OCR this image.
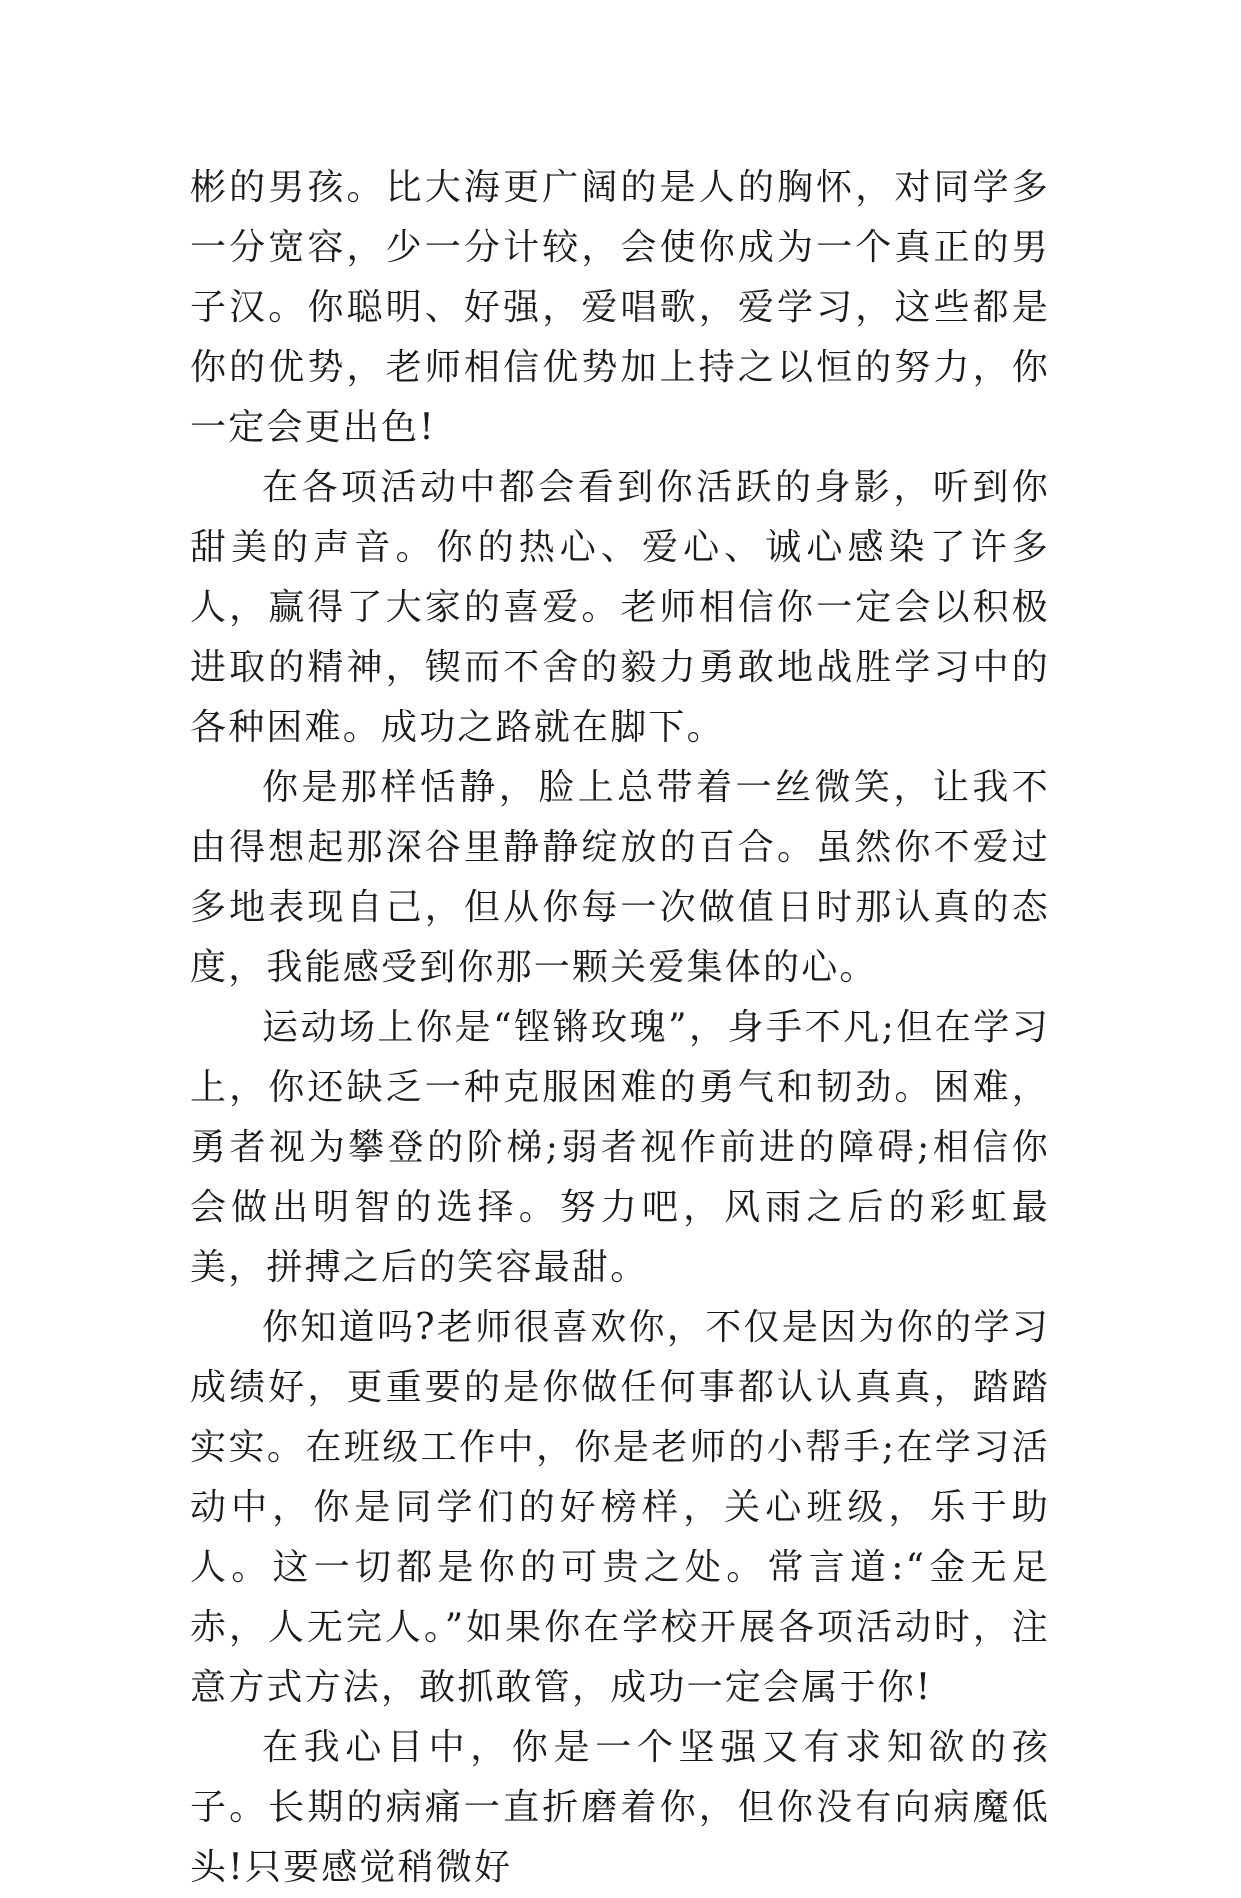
彬的男孩。比大海更广阔的是人的胸怀，对同学多一分宽容，少一分计较，会使你成为一个真正的男子汉。你聪明、好强，爱唱歌，爱学习，这些都是你的优势，老师相信优势加上持之以恒的努力，你一定会更出色!

在各项活动中都会看到你活跃的身影，听到你甜美的声音。你的热心、爱心、诚心感染了许多人，赢得了大家的喜爱。老师相信你一定会以积极进取的精神，锲而不舍的毅力勇敢地战胜学习中的各种困难。成功之路就在脚下。

你是那样恬静，脸上总带着一丝微笑，让我不由得想起那深谷里静静绽放的百合。虽然你不爱过多地表现自己，但从你每一次做值日时那认真的态度，我能感受到你那一颗关爱集体的心。

运动场上你是“铿锵玫瑰”，身手不凡;但在学习上，你还缺乏一种克服困难的勇气和韧劲。困难，勇者视为攀登的阶梯;弱者视作前进的障碍;相信你会做出明智的选择。努力吧，风雨之后的彩虹最美，拼搏之后的笑容最甜。

你知道吗?老师很喜欢你，不仅是因为你的学习成绩好，更重要的是你做任何事都认认真真，踏踏实实。在班级工作中，你是老师的小帮手;在学习活动中，你是同学们的好榜样，关心班级，乐于助人。这一切都是你的可贵之处。常言道:“金无足赤，人无完人。”如果你在学校开展各项活动时，注意方式方法，敢抓敢管，成功一定会属于你!

在我心目中，你是一个坚强又有求知欲的孩子。长期的病痛一直折磨着你，但你没有向病魔低头!只要感觉稍微好
